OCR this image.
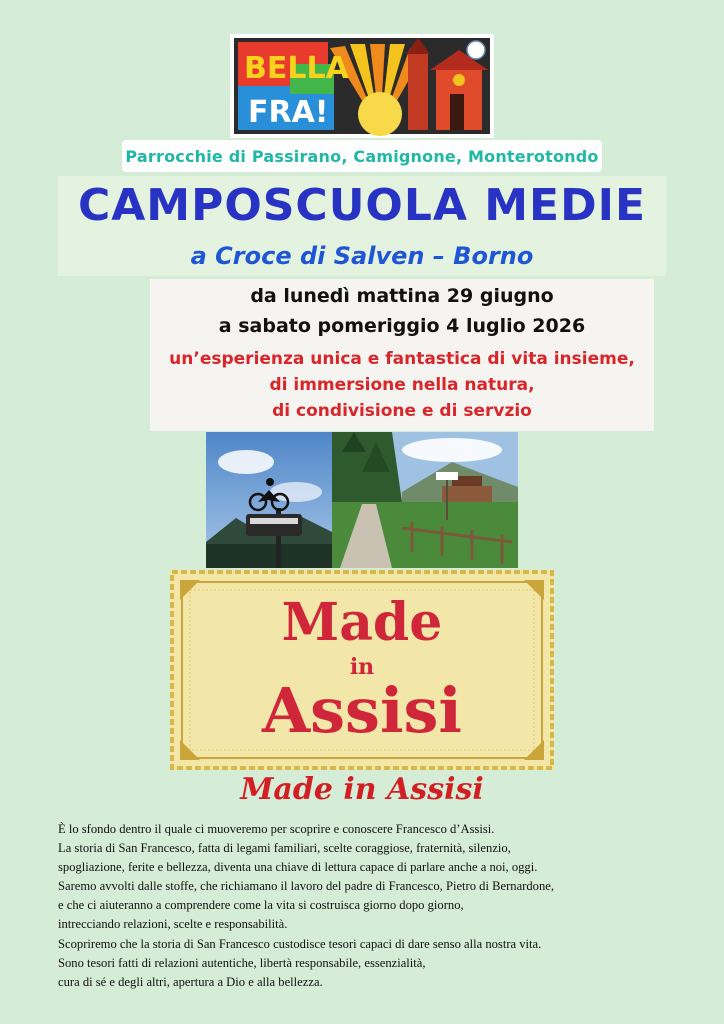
BELLA
FRA!
Parrocchie di Passirano, Camignone, Monterotondo
CAMPOSCUOLA MEDIE
a Croce di Salven – Borno
da lunedì mattina 29 giugno
a sabato pomeriggio 4 luglio 2026
un’esperienza unica e fantastica di vita insieme,
di immersione nella natura,
di condivisione e di servzio
Made
in
Assisi
Made in Assisi
È lo sfondo dentro il quale ci muoveremo per scoprire e conoscere Francesco d’Assisi.
La storia di San Francesco, fatta di legami familiari, scelte coraggiose, fraternità, silenzio,
spogliazione, ferite e bellezza, diventa una chiave di lettura capace di parlare anche a noi, oggi.
Saremo avvolti dalle stoffe, che richiamano il lavoro del padre di Francesco, Pietro di Bernardone,
e che ci aiuteranno a comprendere come la vita si costruisca giorno dopo giorno,
intrecciando relazioni, scelte e responsabilità.
Scopriremo che la storia di San Francesco custodisce tesori capaci di dare senso alla nostra vita.
Sono tesori fatti di relazioni autentiche, libertà responsabile, essenzialità,
cura di sé e degli altri, apertura a Dio e alla bellezza.
